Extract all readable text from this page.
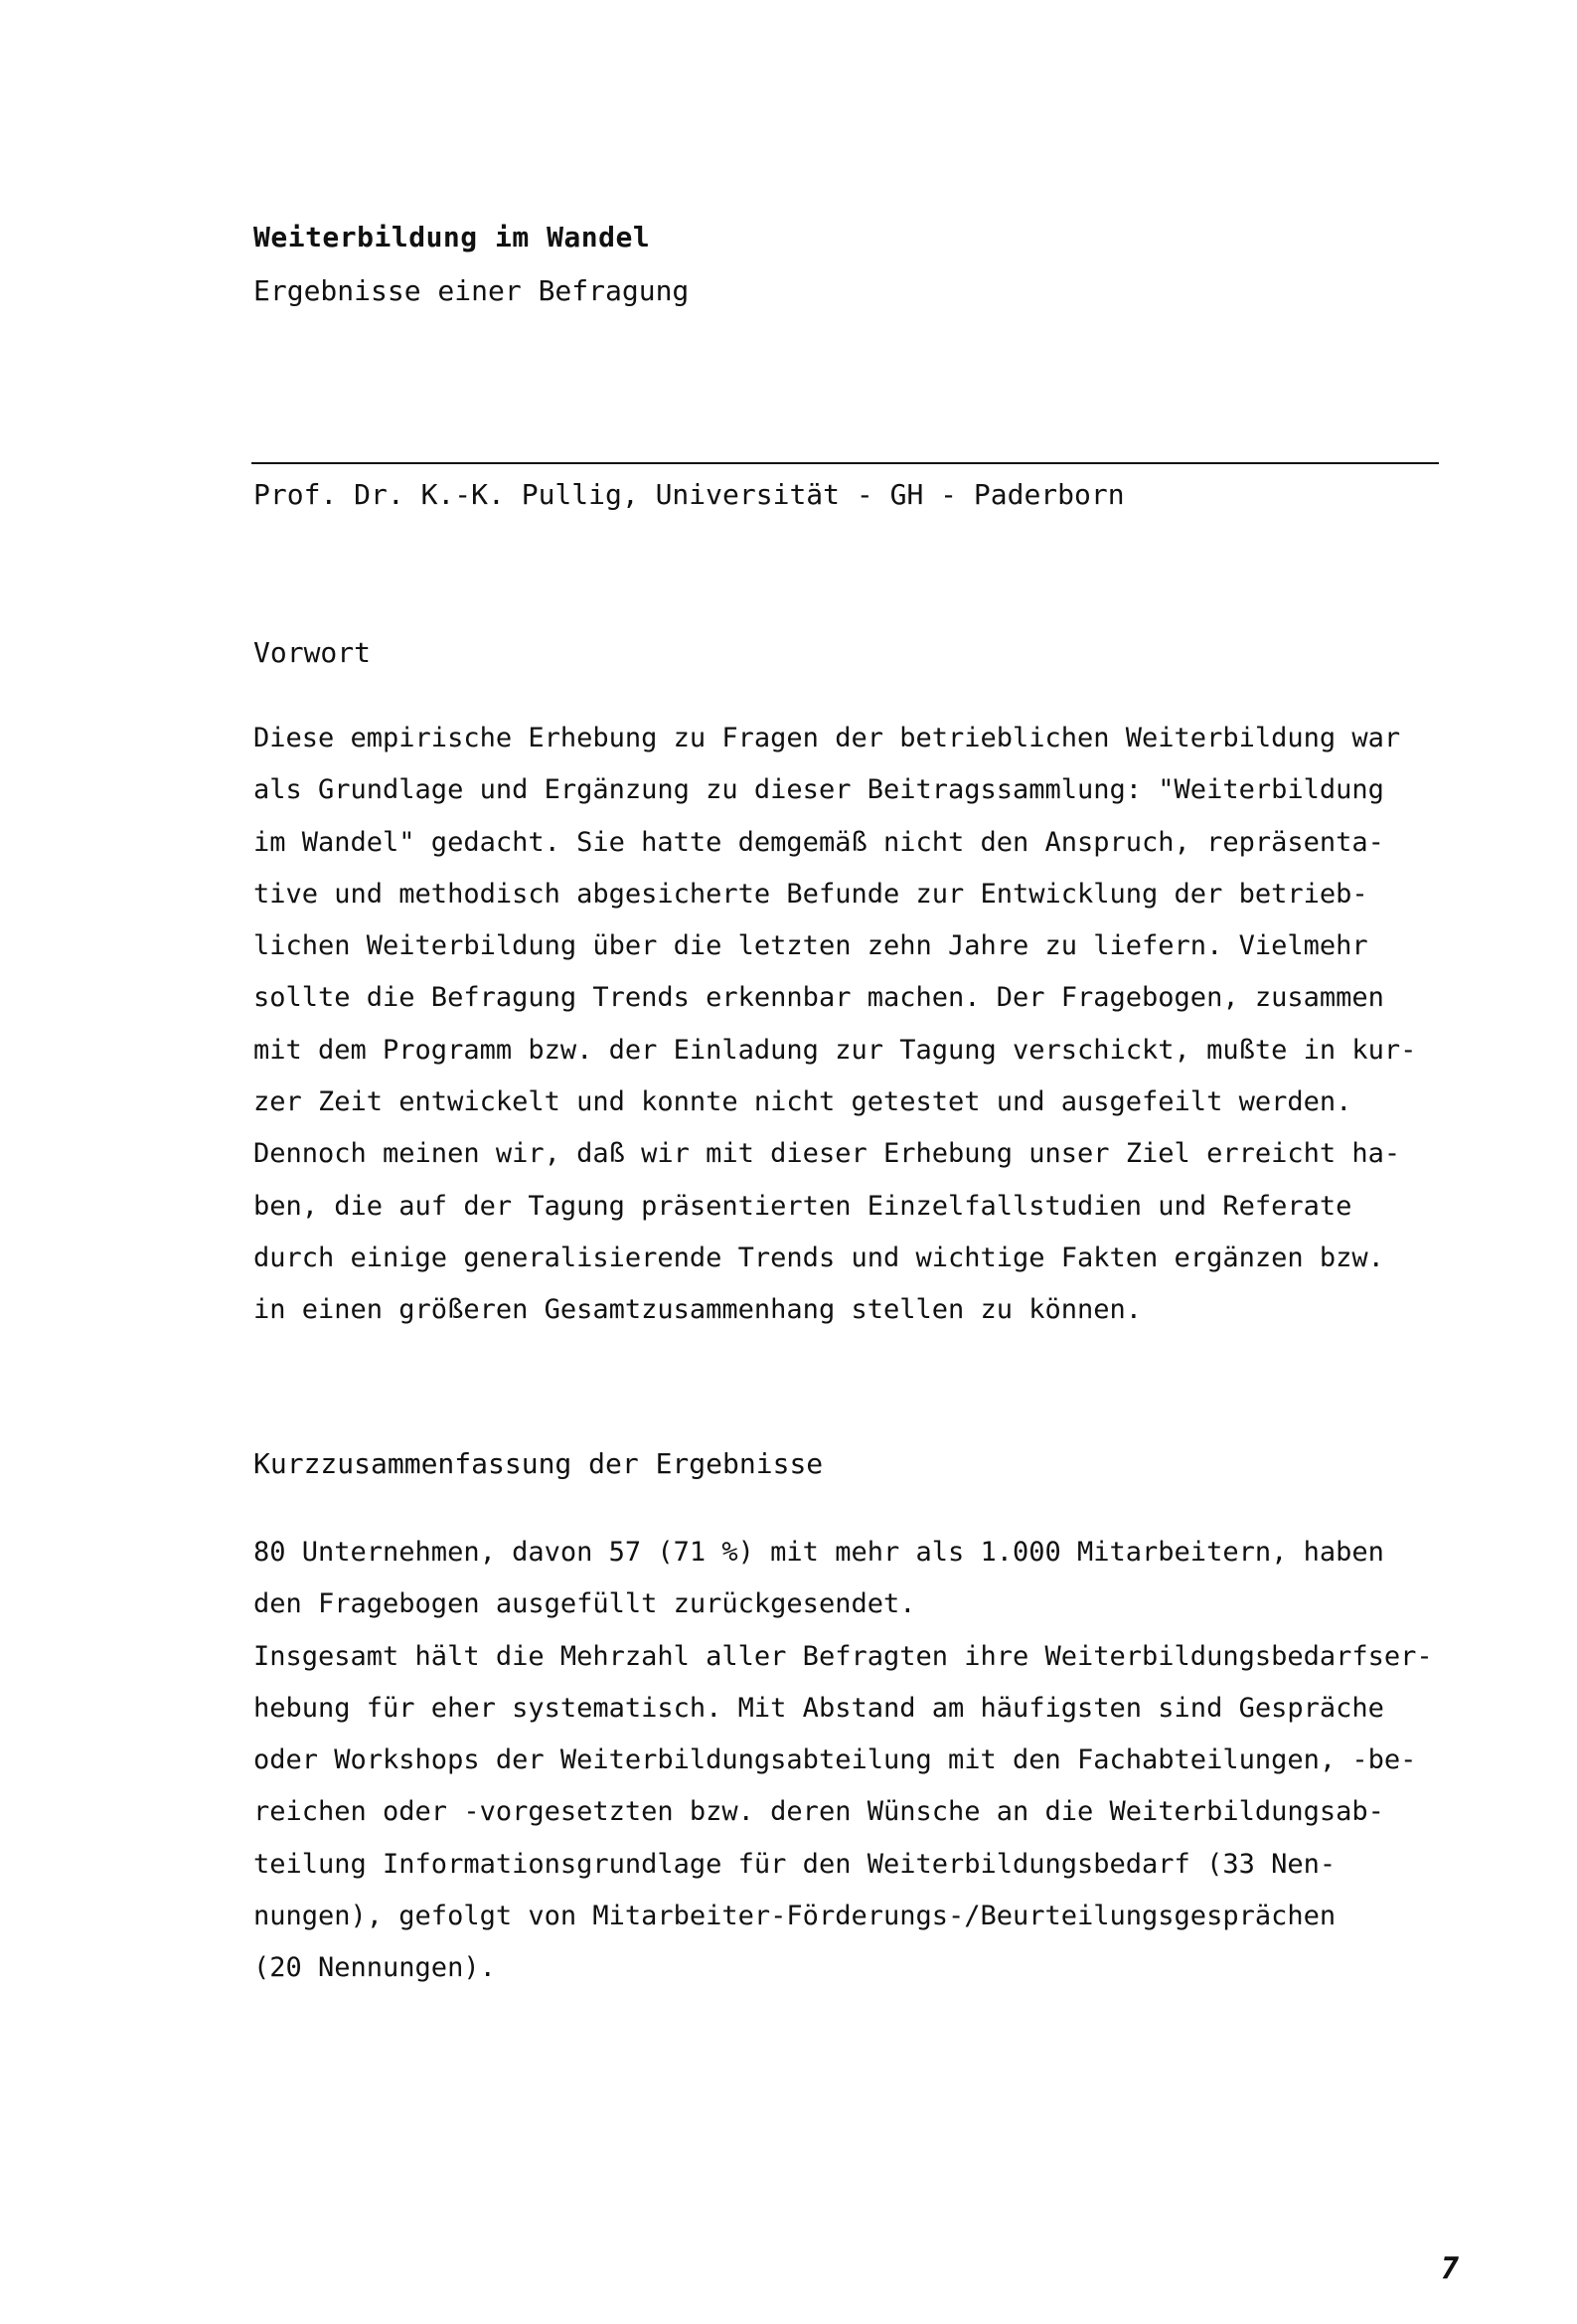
Weiterbildung im Wandel
Ergebnisse einer Befragung
Prof. Dr. K.-K. Pullig, Universität - GH - Paderborn
Vorwort
Diese empirische Erhebung zu Fragen der betrieblichen Weiterbildung war
als Grundlage und Ergänzung zu dieser Beitragssammlung: "Weiterbildung
im Wandel" gedacht. Sie hatte demgemäß nicht den Anspruch, repräsenta-
tive und methodisch abgesicherte Befunde zur Entwicklung der betrieb-
lichen Weiterbildung über die letzten zehn Jahre zu liefern. Vielmehr
sollte die Befragung Trends erkennbar machen. Der Fragebogen, zusammen
mit dem Programm bzw. der Einladung zur Tagung verschickt, mußte in kur-
zer Zeit entwickelt und konnte nicht getestet und ausgefeilt werden.
Dennoch meinen wir, daß wir mit dieser Erhebung unser Ziel erreicht ha-
ben, die auf der Tagung präsentierten Einzelfallstudien und Referate
durch einige generalisierende Trends und wichtige Fakten ergänzen bzw.
in einen größeren Gesamtzusammenhang stellen zu können.
Kurzzusammenfassung der Ergebnisse
80 Unternehmen, davon 57 (71 %) mit mehr als 1.000 Mitarbeitern, haben
den Fragebogen ausgefüllt zurückgesendet.
Insgesamt hält die Mehrzahl aller Befragten ihre Weiterbildungsbedarfser-
hebung für eher systematisch. Mit Abstand am häufigsten sind Gespräche
oder Workshops der Weiterbildungsabteilung mit den Fachabteilungen, -be-
reichen oder -vorgesetzten bzw. deren Wünsche an die Weiterbildungsab-
teilung Informationsgrundlage für den Weiterbildungsbedarf (33 Nen-
nungen), gefolgt von Mitarbeiter-Förderungs-/Beurteilungsgesprächen
(20 Nennungen).
7
